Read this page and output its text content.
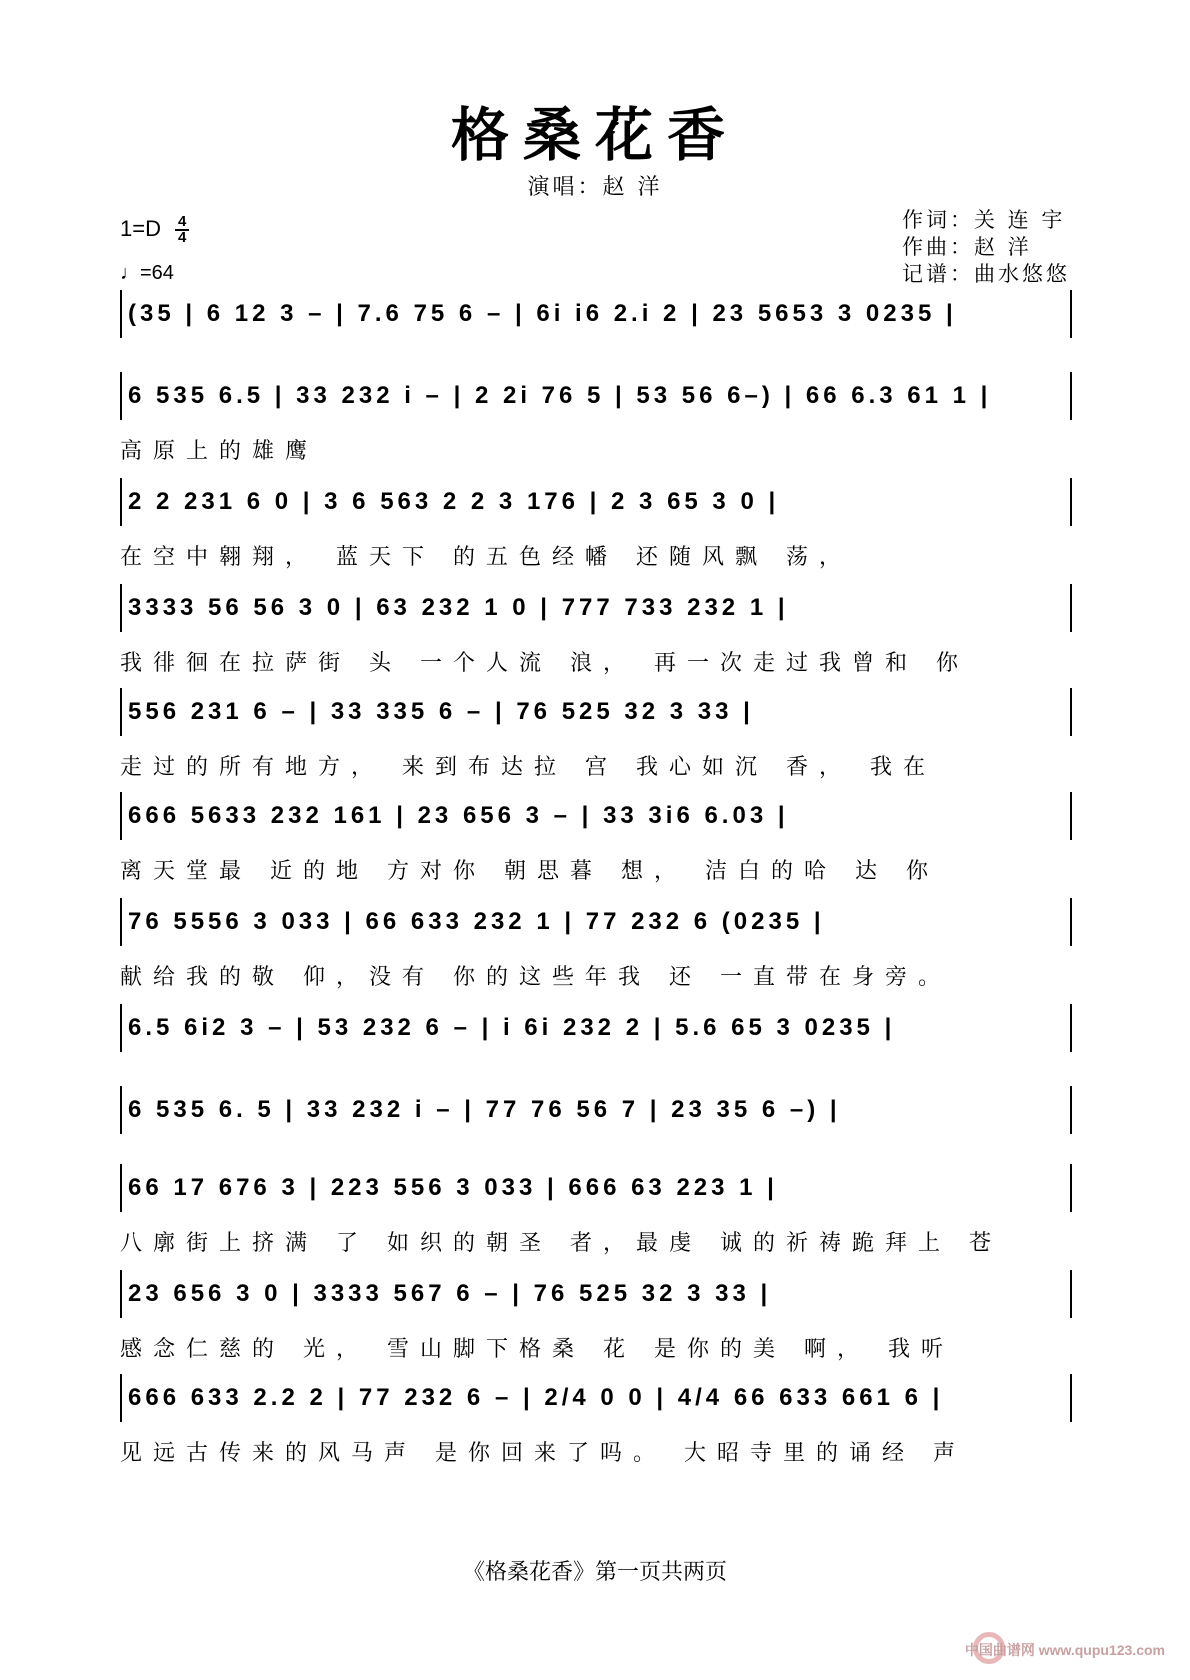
格桑花香
演唱：赵 洋
$1=D \frac{4}{4}$
♩=64
作词：关 连 宇
作曲：赵 洋
记谱：曲水悠悠
(35 | 6 12 3 – | 7.6 75 6 – | 6i i6 2.i 2 | 23 5653 3 0235 |
6 535 6.5 | 33 232 i – | 2 2i 76 5 | 53 56 6–) | 66 6.3 61 1 |
高原上的雄鹰
2 2 231 6 0 | 3 6 563 2 2 3 176 | 2 3 65 3 0 |
在空中翱翔， 蓝天下 的五色经幡 还随风飘 荡，
3333 56 56 3 0 | 63 232 1 0 | 777 733 232 1 |
我徘徊在拉萨街 头 一个人流 浪， 再一次走过我曾和 你
556 231 6 – | 33 335 6 – | 76 525 32 3 33 |
走过的所有地方， 来到布达拉 宫 我心如沉 香， 我在
666 5633 232 161 | 23 656 3 – | 33 3i6 6.03 |
离天堂最 近的地 方对你 朝思暮 想， 洁白的哈 达 你
76 5556 3 033 | 66 633 232 1 | 77 232 6 (0235 |
献给我的敬 仰，没有 你的这些年我 还 一直带在身旁。
6.5 6i2 3 – | 53 232 6 – | i 6i 232 2 | 5.6 65 3 0235 |
6 535 6. 5 | 33 232 i – | 77 76 56 7 | 23 35 6 –) |
66 17 676 3 | 223 556 3 033 | 666 63 223 1 |
八廓街上挤满 了 如织的朝圣 者，最虔 诚的祈祷跪拜上 苍
23 656 3 0 | 3333 567 6 – | 76 525 32 3 33 |
感念仁慈的 光， 雪山脚下格桑 花 是你的美 啊， 我听
666 633 2.2 2 | 77 232 6 – | 2/4 0 0 | 4/4 66 633 661 6 |
见远古传来的风马声 是你回来了吗。 大昭寺里的诵经 声
《格桑花香》第一页共两页
中国曲谱网 www.qupu123.com
